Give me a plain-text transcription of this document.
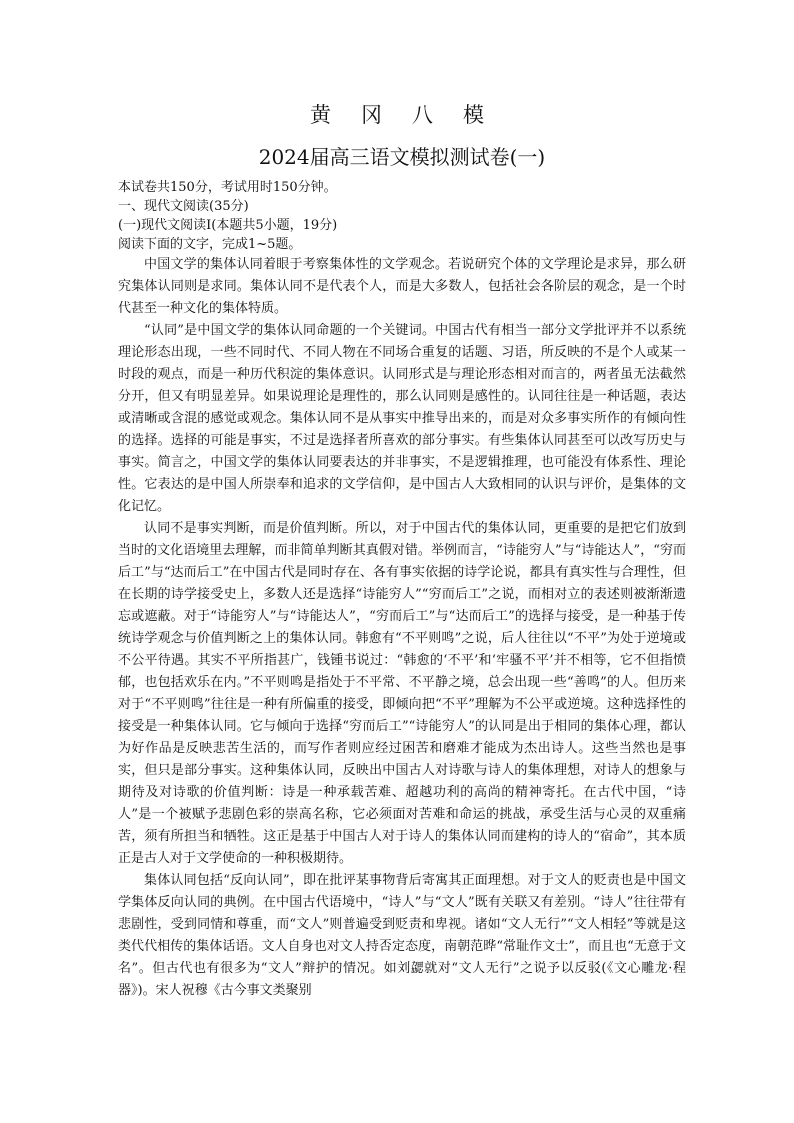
黄冈八模
2024届高三语文模拟测试卷(一)

本试卷共150分，考试用时150分钟。

一、现代文阅读(35分)

(一)现代文阅读I(本题共5小题，19分)

阅读下面的文字，完成1~5题。

中国文学的集体认同着眼于考察集体性的文学观念。若说研究个体的文学理论是求异，那么研究集体认同则是求同。集体认同不是代表个人，而是大多数人，包括社会各阶层的观念，是一个时代甚至一种文化的集体特质。

“认同”是中国文学的集体认同命题的一个关键词。中国古代有相当一部分文学批评并不以系统理论形态出现，一些不同时代、不同人物在不同场合重复的话题、习语，所反映的不是个人或某一时段的观点，而是一种历代积淀的集体意识。认同形式是与理论形态相对而言的，两者虽无法截然分开，但又有明显差异。如果说理论是理性的，那么认同则是感性的。认同往往是一种话题，表达或清晰或含混的感觉或观念。集体认同不是从事实中推导出来的，而是对众多事实所作的有倾向性的选择。选择的可能是事实，不过是选择者所喜欢的部分事实。有些集体认同甚至可以改写历史与事实。简言之，中国文学的集体认同要表达的并非事实，不是逻辑推理，也可能没有体系性、理论性。它表达的是中国人所崇奉和追求的文学信仰，是中国古人大致相同的认识与评价，是集体的文化记忆。

认同不是事实判断，而是价值判断。所以，对于中国古代的集体认同，更重要的是把它们放到当时的文化语境里去理解，而非简单判断其真假对错。举例而言，“诗能穷人”与“诗能达人”，“穷而后工”与“达而后工”在中国古代是同时存在、各有事实依据的诗学论说，都具有真实性与合理性，但在长期的诗学接受史上，多数人还是选择“诗能穷人”“穷而后工”之说，而相对立的表述则被渐渐遗忘或遮蔽。对于“诗能穷人”与“诗能达人”，“穷而后工”与“达而后工”的选择与接受，是一种基于传统诗学观念与价值判断之上的集体认同。韩愈有“不平则鸣”之说，后人往往以“不平”为处于逆境或不公平待遇。其实不平所指甚广，钱锺书说过：“韩愈的‘不平’和‘牢骚不平’并不相等，它不但指愤郁，也包括欢乐在内。”不平则鸣是指处于不平常、不平静之境，总会出现一些“善鸣”的人。但历来对于“不平则鸣”往往是一种有所偏重的接受，即倾向把“不平”理解为不公平或逆境。这种选择性的接受是一种集体认同。它与倾向于选择“穷而后工”“诗能穷人”的认同是出于相同的集体心理，都认为好作品是反映悲苦生活的，而写作者则应经过困苦和磨难才能成为杰出诗人。这些当然也是事实，但只是部分事实。这种集体认同，反映出中国古人对诗歌与诗人的集体理想，对诗人的想象与期待及对诗歌的价值判断：诗是一种承载苦难、超越功利的高尚的精神寄托。在古代中国，“诗人”是一个被赋予悲剧色彩的崇高名称，它必须面对苦难和命运的挑战，承受生活与心灵的双重痛苦，须有所担当和牺牲。这正是基于中国古人对于诗人的集体认同而建构的诗人的“宿命”，其本质正是古人对于文学使命的一种积极期待。

集体认同包括“反向认同”，即在批评某事物背后寄寓其正面理想。对于文人的贬责也是中国文学集体反向认同的典例。在中国古代语境中，“诗人”与“文人”既有关联又有差别。“诗人”往往带有悲剧性，受到同情和尊重，而“文人”则普遍受到贬责和卑视。诸如“文人无行”“文人相轻”等就是这类代代相传的集体话语。文人自身也对文人持否定态度，南朝范晔“常耻作文士”，而且也“无意于文名”。但古代也有很多为“文人”辩护的情况。如刘勰就对“文人无行”之说予以反驳(《文心雕龙·程器》)。宋人祝穆《古今事文类聚别
